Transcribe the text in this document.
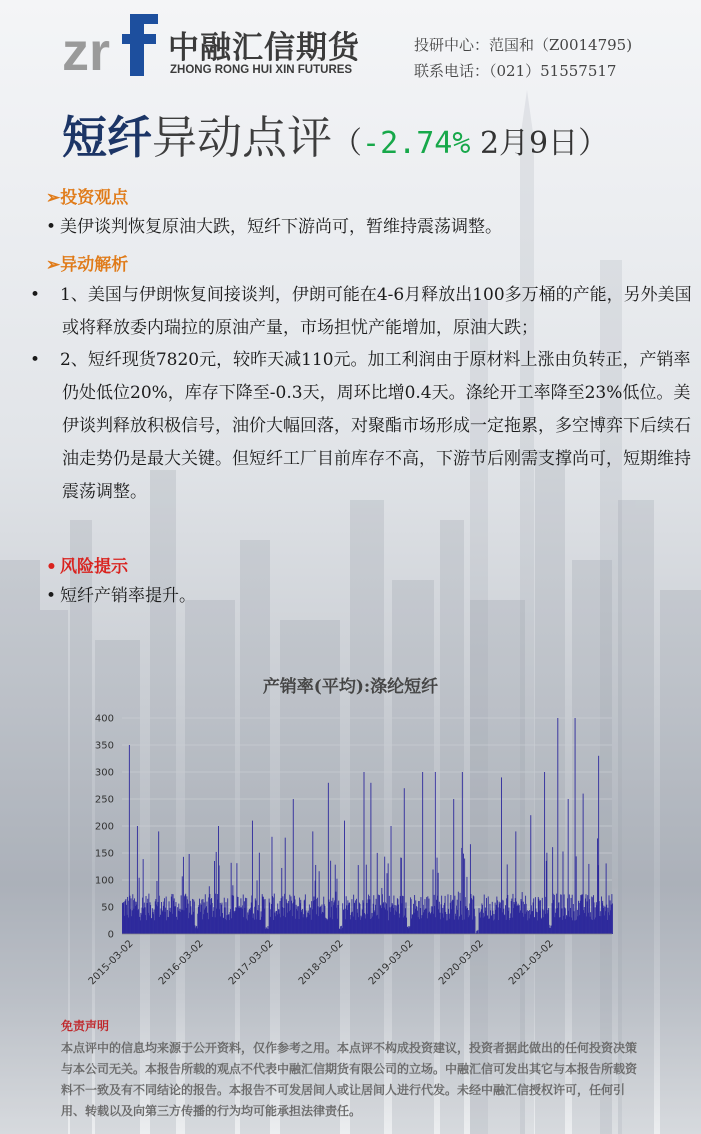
zr 中融汇信期货
ZHONG RONG HUI XIN FUTURES
投研中心：范国和（Z0014795)
联系电话：（021）51557517
短纤异动点评（-2.74% 2月9日）
➢投资观点
• 美伊谈判恢复原油大跌，短纤下游尚可，暂维持震荡调整。
➢异动解析
• 1、美国与伊朗恢复间接谈判，伊朗可能在4-6月释放出100多万桶的产能，另外美国或将释放委内瑞拉的原油产量，市场担忧产能增加，原油大跌；
• 2、短纤现货7820元，较昨天减110元。加工利润由于原材料上涨由负转正，产销率仍处低位20%，库存下降至-0.3天，周环比增0.4天。涤纶开工率降至23%低位。美伊谈判释放积极信号，油价大幅回落，对聚酯市场形成一定拖累，多空博弈下后续石油走势仍是最大关键。但短纤工厂目前库存不高，下游节后刚需支撑尚可，短期维持震荡调整。
• 风险提示
• 短纤产销率提升。
产销率(平均):涤纶短纤
0
50
100
150
200
250
300
350
400
2015-03-02 2016-03-02 2017-03-02 2018-03-02 2019-03-02 2020-03-02 2021-03-02
免责声明
本点评中的信息均来源于公开资料，仅作参考之用。本点评不构成投资建议，投资者据此做出的任何投资决策与本公司无关。本报告所载的观点不代表中融汇信期货有限公司的立场。中融汇信可发出其它与本报告所载资料不一致及有不同结论的报告。本报告不可发居间人或让居间人进行代发。未经中融汇信授权许可，任何引用、转载以及向第三方传播的行为均可能承担法律责任。
